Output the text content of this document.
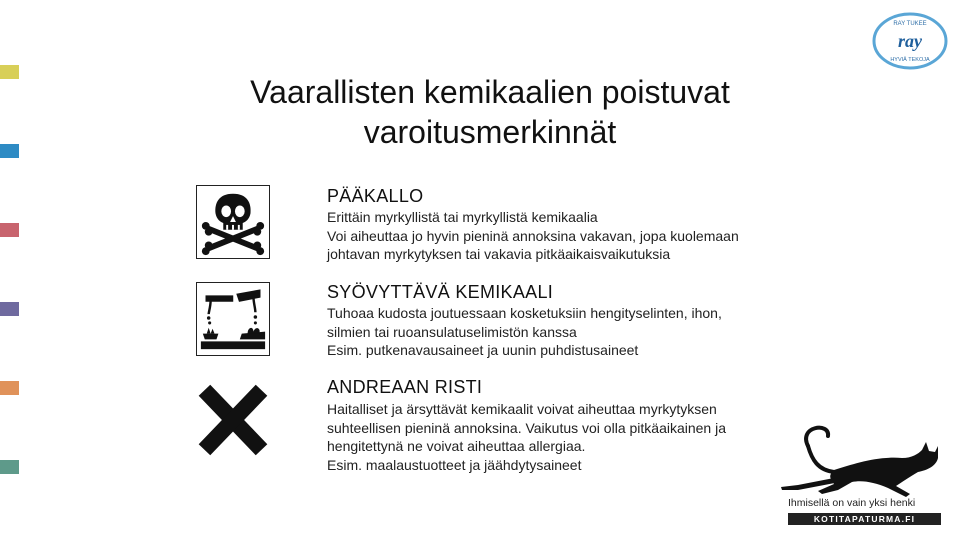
RAY TUKEE
ray
HYVIÄ TEKOJA
Vaarallisten kemikaalien poistuvat
varoitusmerkinnät
PÄÄKALLO
Erittäin myrkyllistä tai myrkyllistä kemikaalia
Voi aiheuttaa jo hyvin pieninä annoksina vakavan, jopa kuolemaan
johtavan myrkytyksen tai vakavia pitkäaikaisvaikutuksia
SYÖVYTTÄVÄ KEMIKAALI
Tuhoaa kudosta joutuessaan kosketuksiin hengityselinten, ihon,
silmien tai ruoansulatuselimistön kanssa
Esim. putkenavausaineet ja uunin puhdistusaineet
ANDREAAN RISTI
Haitalliset ja ärsyttävät kemikaalit voivat aiheuttaa myrkytyksen
suhteellisen pieninä annoksina. Vaikutus voi olla pitkäaikainen ja
hengitettynä ne voivat aiheuttaa allergiaa.
Esim. maalaustuotteet ja jäähdytysaineet
Ihmisellä on vain yksi henki
KOTITAPATURMA.FI
